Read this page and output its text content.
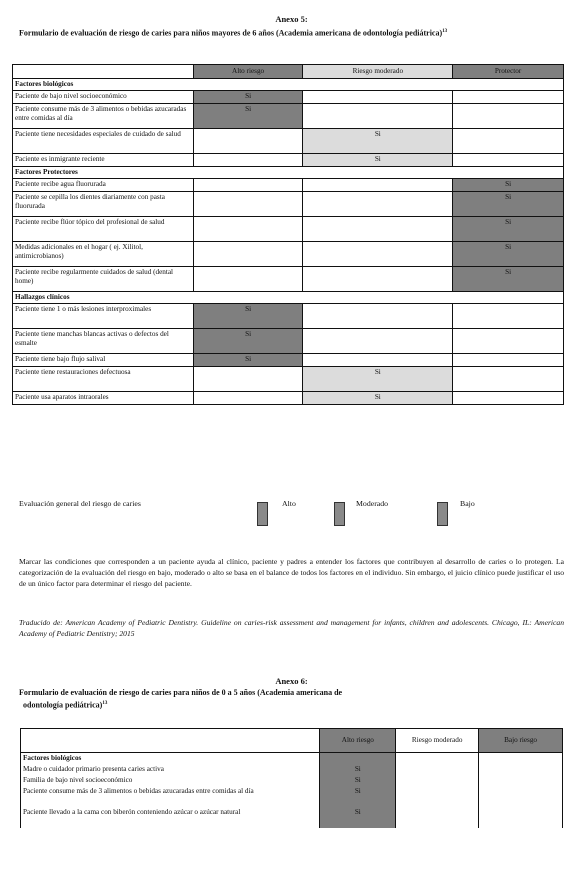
Anexo 5:
Formulario de evaluación de riesgo de caries para niños mayores de 6 años (Academia americana de odontología pediátrica)$^{13}$
	Alto riesgo	Riesgo moderado	Protector
Factores biológicos			
Paciente de bajo nivel socioeconómico	Si		
Paciente consume más de 3 alimentos o bebidas azucaradas entre comidas al día	Si		
Paciente tiene necesidades especiales de cuidado de salud		Si	
Paciente es inmigrante reciente		Si	
Factores Protectores			
Paciente recibe agua fluorurada			Si
Paciente se cepilla los dientes diariamente con pasta fluorurada			Si
Paciente recibe flúor tópico del profesional de salud			Si
Medidas adicionales en el hogar ( ej. Xilitol, antimicrobianos)			Si
Paciente recibe regularmente cuidados de salud (dental home)			Si
Hallazgos clínicos			
Paciente tiene 1 o más lesiones interproximales	Si		
Paciente tiene manchas blancas activas o defectos del esmalte	Si		
Paciente tiene bajo flujo salival	Si		
Paciente tiene restauraciones defectuosa		Si	
Paciente usa aparatos intraorales		Si	
Evaluación general del riesgo de caries	Alto	Moderado	Bajo
Marcar las condiciones que corresponden a un paciente ayuda al clínico, paciente y padres a entender los factores que contribuyen al desarrollo de caries o lo protegen. La categorización de la evaluación del riesgo en bajo, moderado o alto se basa en el balance de todos los factores en el individuo. Sin embargo, el juicio clínico puede justificar el uso de un único factor para determinar el riesgo del paciente.
Traducido de: American Academy of Pediatric Dentistry. Guideline on caries-risk assessment and management for infants, children and adolescents. Chicago, IL: American Academy of Pediatric Dentistry; 2015
Anexo 6:
Formulario de evaluación de riesgo de caries para niños de 0 a 5 años (Academia americana de
odontología pediátrica)$^{13}$
	Alto riesgo	Riesgo moderado	Bajo riesgo
Factores biológicos			
Madre o cuidador primario presenta caries activa	Si		
Familia de bajo nivel socioeconómico	Si		
Paciente consume más de 3 alimentos o bebidas azucaradas entre comidas al día	Si		
Paciente llevado a la cama con biberón conteniendo azúcar o azúcar natural	Si		
